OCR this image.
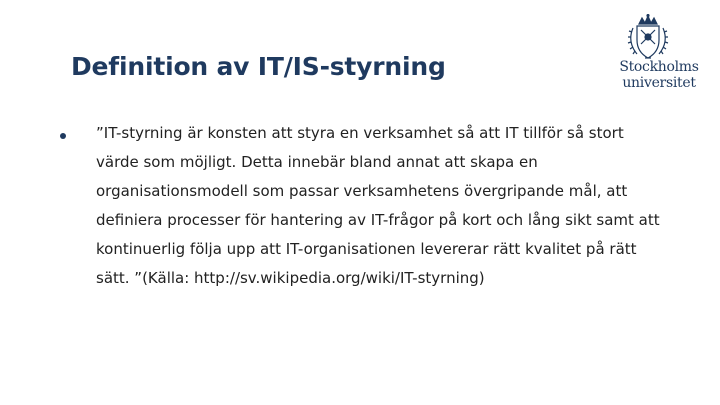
Definition av IT/IS-styrning	Stockholms
universitet

”IT-styrning är konsten att styra en verksamhet så att IT tillför så stort värde som möjligt. Detta innebär bland annat att skapa en organisationsmodell som passar verksamhetens övergripande mål, att definiera processer för hantering av IT-frågor på kort och lång sikt samt att kontinuerlig följa upp att IT-organisationen levererar rätt kvalitet på rätt sätt. ”(Källa: http://sv.wikipedia.org/wiki/IT-styrning)
